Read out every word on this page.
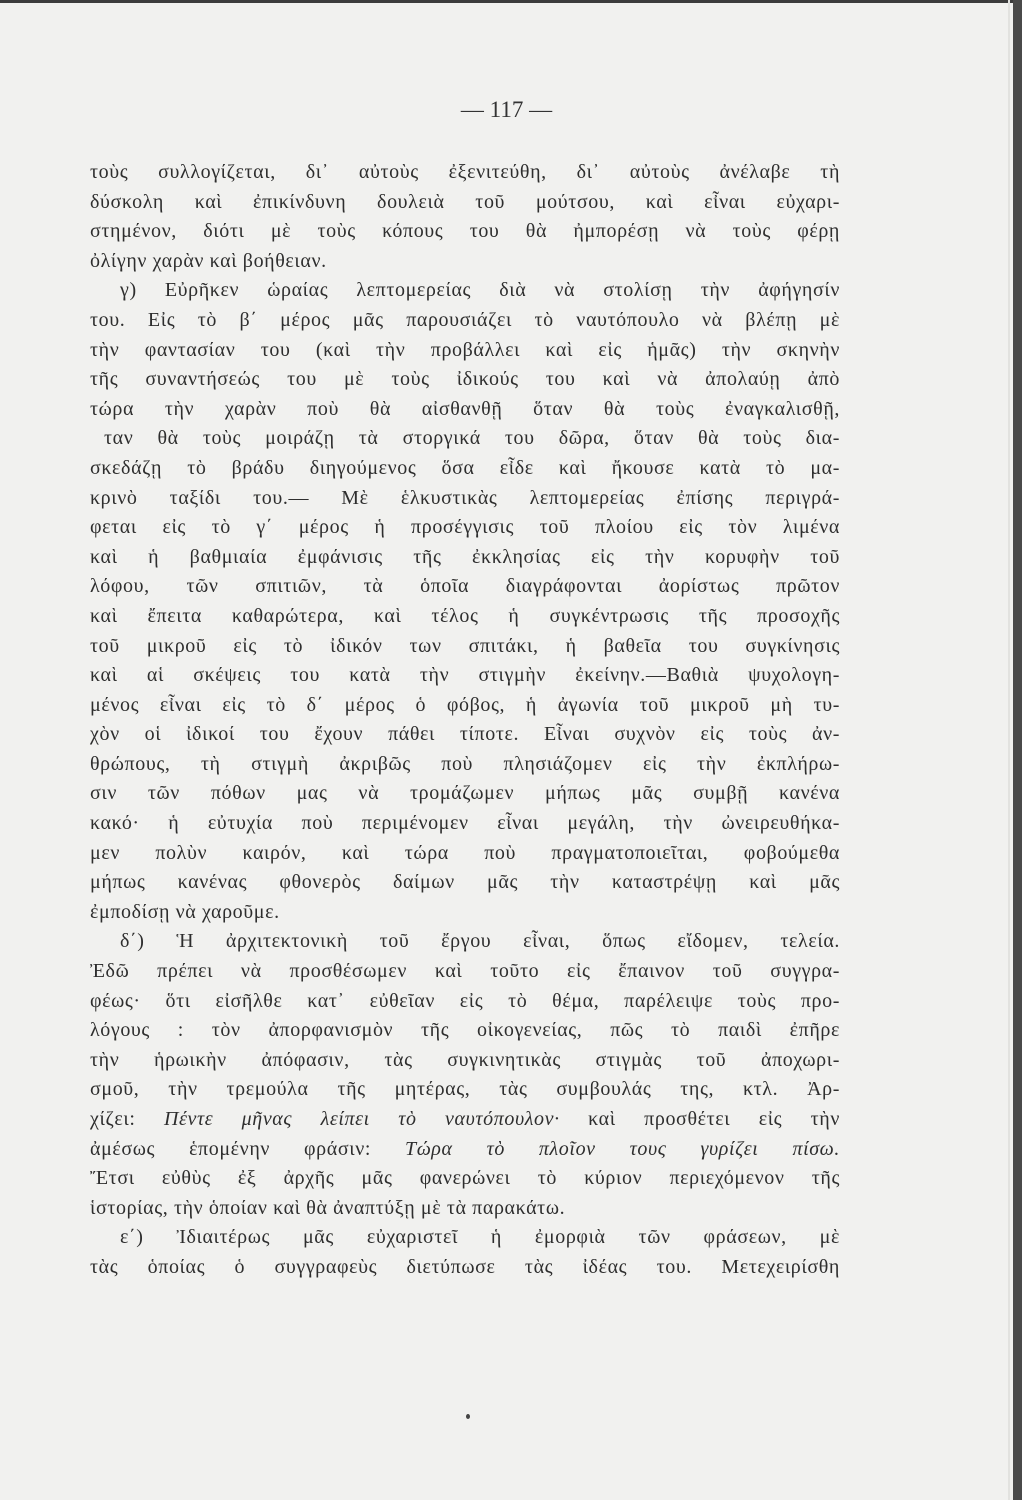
— 117 —
τοὺς συλλογίζεται, δι᾿ αὐτοὺς ἐξενιτεύθη, δι᾿ αὐτοὺς ἀνέλαβε τὴ
δύσκολη καὶ ἐπικίνδυνη δουλειὰ τοῦ μούτσου, καὶ εἶναι εὐχαρι-
στημένον, διότι μὲ τοὺς κόπους του θὰ ἠμπορέσῃ νὰ τοὺς φέρῃ
ὀλίγην χαρὰν καὶ βοήθειαν.
γ) Εὐρῆκεν ὡραίας λεπτομερείας διὰ νὰ στολίσῃ τὴν ἀφήγησίν
του. Εἰς τὸ β΄ μέρος μᾶς παρουσιάζει τὸ ναυτόπουλο νὰ βλέπῃ μὲ
τὴν φαντασίαν του (καὶ τὴν προβάλλει καὶ εἰς ἡμᾶς) τὴν σκηνὴν
τῆς συναντήσεώς του μὲ τοὺς ἰδικούς του καὶ νὰ ἀπολαύῃ ἀπὸ
τώρα τὴν χαρὰν ποὺ θὰ αἰσθανθῇ ὅταν θὰ τοὺς ἐναγκαλισθῇ,
ταν θὰ τοὺς μοιράζῃ τὰ στοργικά του δῶρα, ὅταν θὰ τοὺς δια-
σκεδάζῃ τὸ βράδυ διηγούμενος ὅσα εἶδε καὶ ἤκουσε κατὰ τὸ μα-
κρινὸ ταξίδι του.— Μὲ ἑλκυστικὰς λεπτομερείας ἐπίσης περιγρά-
φεται εἰς τὸ γ΄ μέρος ἡ προσέγγισις τοῦ πλοίου εἰς τὸν λιμένα
καὶ ἡ βαθμιαία ἐμφάνισις τῆς ἐκκλησίας εἰς τὴν κορυφὴν τοῦ
λόφου, τῶν σπιτιῶν, τὰ ὁποῖα διαγράφονται ἀορίστως πρῶτον
καὶ ἔπειτα καθαρώτερα, καὶ τέλος ἡ συγκέντρωσις τῆς προσοχῆς
τοῦ μικροῦ εἰς τὸ ἰδικόν των σπιτάκι, ἡ βαθεῖα του συγκίνησις
καὶ αἱ σκέψεις του κατὰ τὴν στιγμὴν ἐκείνην.—Βαθιὰ ψυχολογη-
μένος εἶναι εἰς τὸ δ΄ μέρος ὁ φόβος, ἡ ἀγωνία τοῦ μικροῦ μὴ τυ-
χὸν οἱ ἰδικοί του ἔχουν πάθει τίποτε. Εἶναι συχνὸν εἰς τοὺς ἀν-
θρώπους, τὴ στιγμὴ ἀκριβῶς ποὺ πλησιάζομεν εἰς τὴν ἐκπλήρω-
σιν τῶν πόθων μας νὰ τρομάζωμεν μήπως μᾶς συμβῇ κανένα
κακό· ἡ εὐτυχία ποὺ περιμένομεν εἶναι μεγάλη, τὴν ὠνειρευθήκα-
μεν πολὺν καιρόν, καὶ τώρα ποὺ πραγματοποιεῖται, φοβούμεθα
μήπως κανένας φθονερὸς δαίμων μᾶς τὴν καταστρέψῃ καὶ μᾶς
ἐμποδίσῃ νὰ χαροῦμε.
δ΄) Ἡ ἀρχιτεκτονικὴ τοῦ ἔργου εἶναι, ὅπως εἴδομεν, τελεία.
Ἐδῶ πρέπει νὰ προσθέσωμεν καὶ τοῦτο εἰς ἔπαινον τοῦ συγγρα-
φέως· ὅτι εἰσῆλθε κατ᾿ εὐθεῖαν εἰς τὸ θέμα, παρέλειψε τοὺς προ-
λόγους : τὸν ἀπορφανισμὸν τῆς οἰκογενείας, πῶς τὸ παιδὶ ἐπῆρε
τὴν ἡρωικὴν ἀπόφασιν, τὰς συγκινητικὰς στιγμὰς τοῦ ἀποχωρι-
σμοῦ, τὴν τρεμούλα τῆς μητέρας, τὰς συμβουλάς της, κτλ. Ἀρ-
χίζει: Πέντε μῆνας λείπει τὸ ναυτόπουλον· καὶ προσθέτει εἰς τὴν
ἀμέσως ἑπομένην φράσιν: Τώρα τὸ πλοῖον τους γυρίζει πίσω.
Ἔτσι εὐθὺς ἐξ ἀρχῆς μᾶς φανερώνει τὸ κύριον περιεχόμενον τῆς
ἱστορίας, τὴν ὁποίαν καὶ θὰ ἀναπτύξῃ μὲ τὰ παρακάτω.
ε΄) Ἰδιαιτέρως μᾶς εὐχαριστεῖ ἡ ἐμορφιὰ τῶν φράσεων, μὲ
τὰς ὁποίας ὁ συγγραφεὺς διετύπωσε τὰς ἰδέας του. Μετεχειρίσθη
